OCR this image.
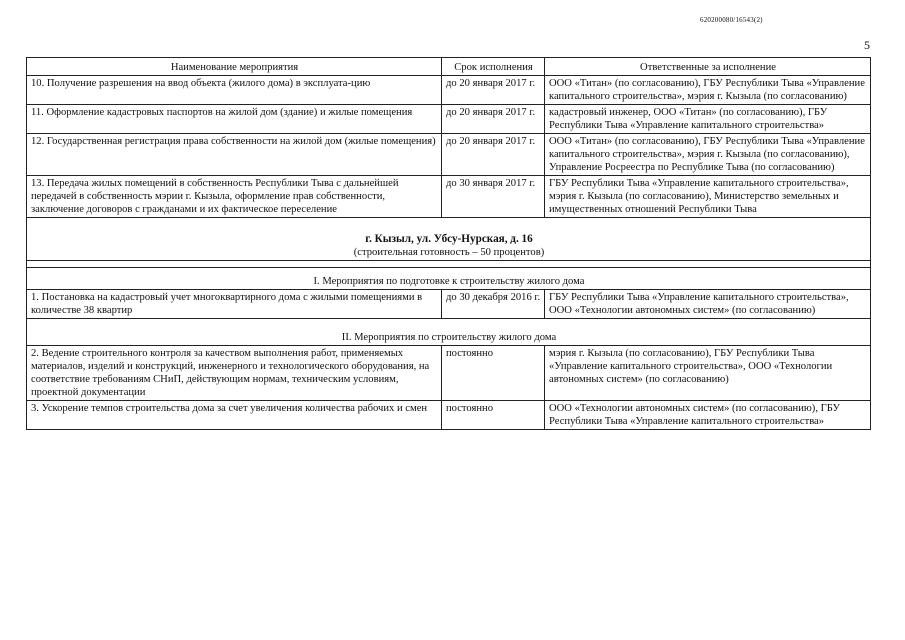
620200080/16543(2)
5
Наименование мероприятия	Срок исполнения	Ответственные за исполнение
10. Получение разрешения на ввод объекта (жилого дома) в эксплуата-цию	до 20 января 2017 г.	ООО «Титан» (по согласованию), ГБУ Республики Тыва «Управление капитального строительства», мэрия г. Кызыла (по согласованию)
11. Оформление кадастровых паспортов на жилой дом (здание) и жилые помещения	до 20 января 2017 г.	кадастровый инженер, ООО «Титан» (по согласованию), ГБУ Республики Тыва «Управление капитального строительства»
12. Государственная регистрация права собственности на жилой дом (жилые помещения)	до 20 января 2017 г.	ООО «Титан» (по согласованию), ГБУ Республики Тыва «Управление капитального строительства», мэрия г. Кызыла (по согласованию), Управление Росреестра по Республике Тыва (по согласованию)
13. Передача жилых помещений в собственность Республики Тыва с дальнейшей передачей в собственность мэрии г. Кызыла, оформление прав собственности, заключение договоров с гражданами и их фактическое переселение	до 30 января 2017 г.	ГБУ Республики Тыва «Управление капитального строительства», мэрия г. Кызыла (по согласованию), Министерство земельных и имущественных отношений Республики Тыва

г. Кызыл, ул. Убсу-Нурская, д. 16
(строительная готовность – 50 процентов)		

I. Мероприятия по подготовке к строительству жилого дома		
1. Постановка на кадастровый учет многоквартирного дома с жилыми помещениями в количестве 38 квартир	до 30 декабря 2016 г.	ГБУ Республики Тыва «Управление капитального строительства», ООО «Технологии автономных систем» (по согласованию)
II. Мероприятия по строительству жилого дома		
2. Ведение строительного контроля за качеством выполнения работ, применяемых материалов, изделий и конструкций, инженерного и технологического оборудования, на соответствие требованиям СНиП, действующим нормам, техническим условиям, проектной документации	постоянно	мэрия г. Кызыла (по согласованию), ГБУ Республики Тыва «Управление капитального строительства», ООО «Технологии автономных систем» (по согласованию)
3. Ускорение темпов строительства дома за счет увеличения количества рабочих и смен	постоянно	ООО «Технологии автономных систем» (по согласованию), ГБУ Республики Тыва «Управление капитального строительства»
